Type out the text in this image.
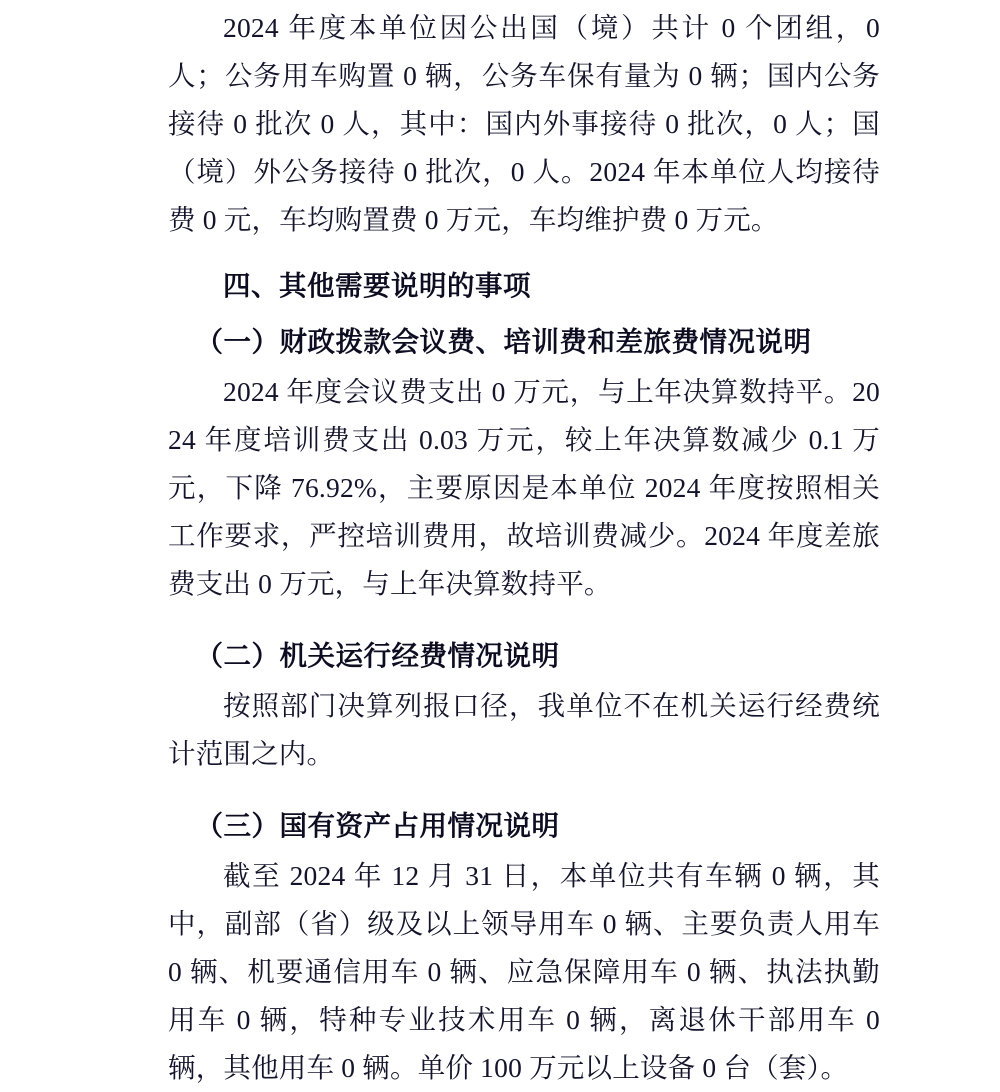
2024 年度本单位因公出国（境）共计 0 个团组，0 人；公务用车购置 0 辆，公务车保有量为 0 辆；国内公务接待 0 批次 0 人，其中：国内外事接待 0 批次，0 人；国（境）外公务接待 0 批次，0 人。2024 年本单位人均接待费 0 元，车均购置费 0 万元，车均维护费 0 万元。

四、其他需要说明的事项
（一）财政拨款会议费、培训费和差旅费情况说明

2024 年度会议费支出 0 万元，与上年决算数持平。2024 年度培训费支出 0.03 万元，较上年决算数减少 0.1 万元，下降 76.92%，主要原因是本单位 2024 年度按照相关工作要求，严控培训费用，故培训费减少。2024 年度差旅费支出 0 万元，与上年决算数持平。

（二）机关运行经费情况说明

按照部门决算列报口径，我单位不在机关运行经费统计范围之内。

（三）国有资产占用情况说明

截至 2024 年 12 月 31 日，本单位共有车辆 0 辆，其中，副部（省）级及以上领导用车 0 辆、主要负责人用车 0 辆、机要通信用车 0 辆、应急保障用车 0 辆、执法执勤用车 0 辆，特种专业技术用车 0 辆，离退休干部用车 0 辆，其他用车 0 辆。单价 100 万元以上设备 0 台（套）。
